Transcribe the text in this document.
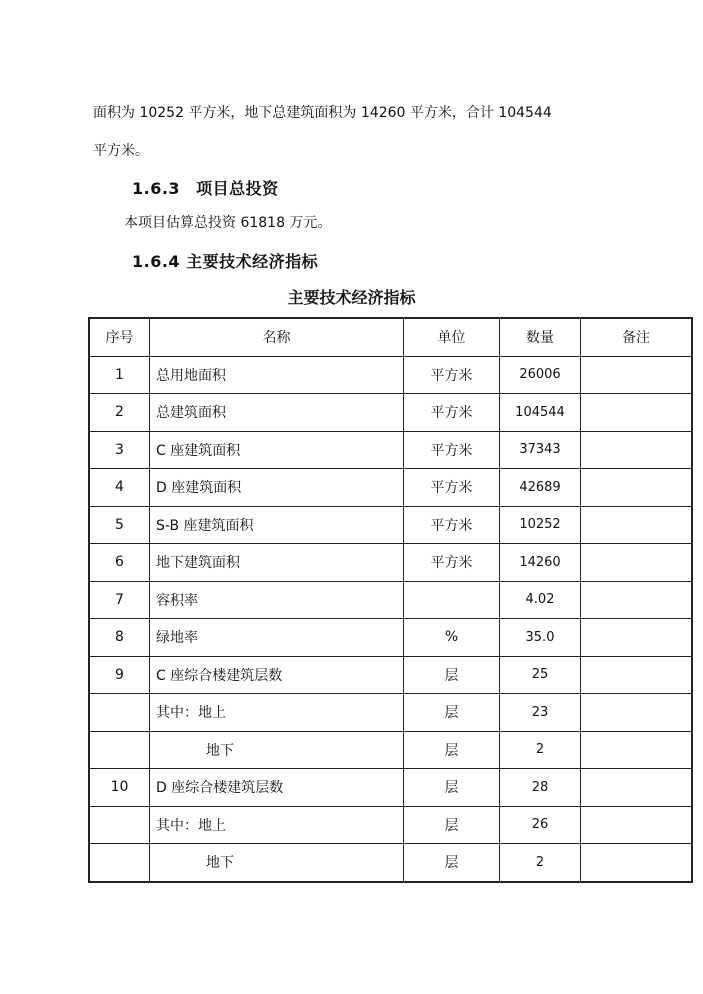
面积为 10252 平方米，地下总建筑面积为 14260 平方米，合计 104544
平方米。
1.6.3 项目总投资
本项目估算总投资 61818 万元。
1.6.4 主要技术经济指标
主要技术经济指标
序号	名称	单位	数量	备注
1	总用地面积	平方米	26006	
2	总建筑面积	平方米	104544	
3	C 座建筑面积	平方米	37343	
4	D 座建筑面积	平方米	42689	
5	S-B 座建筑面积	平方米	10252	
6	地下建筑面积	平方米	14260	
7	容积率		4.02	
8	绿地率	%	35.0	
9	C 座综合楼建筑层数	层	25	
	其中：地上	层	23	
	地下	层	2	
10	D 座综合楼建筑层数	层	28	
	其中：地上	层	26	
	地下	层	2	
